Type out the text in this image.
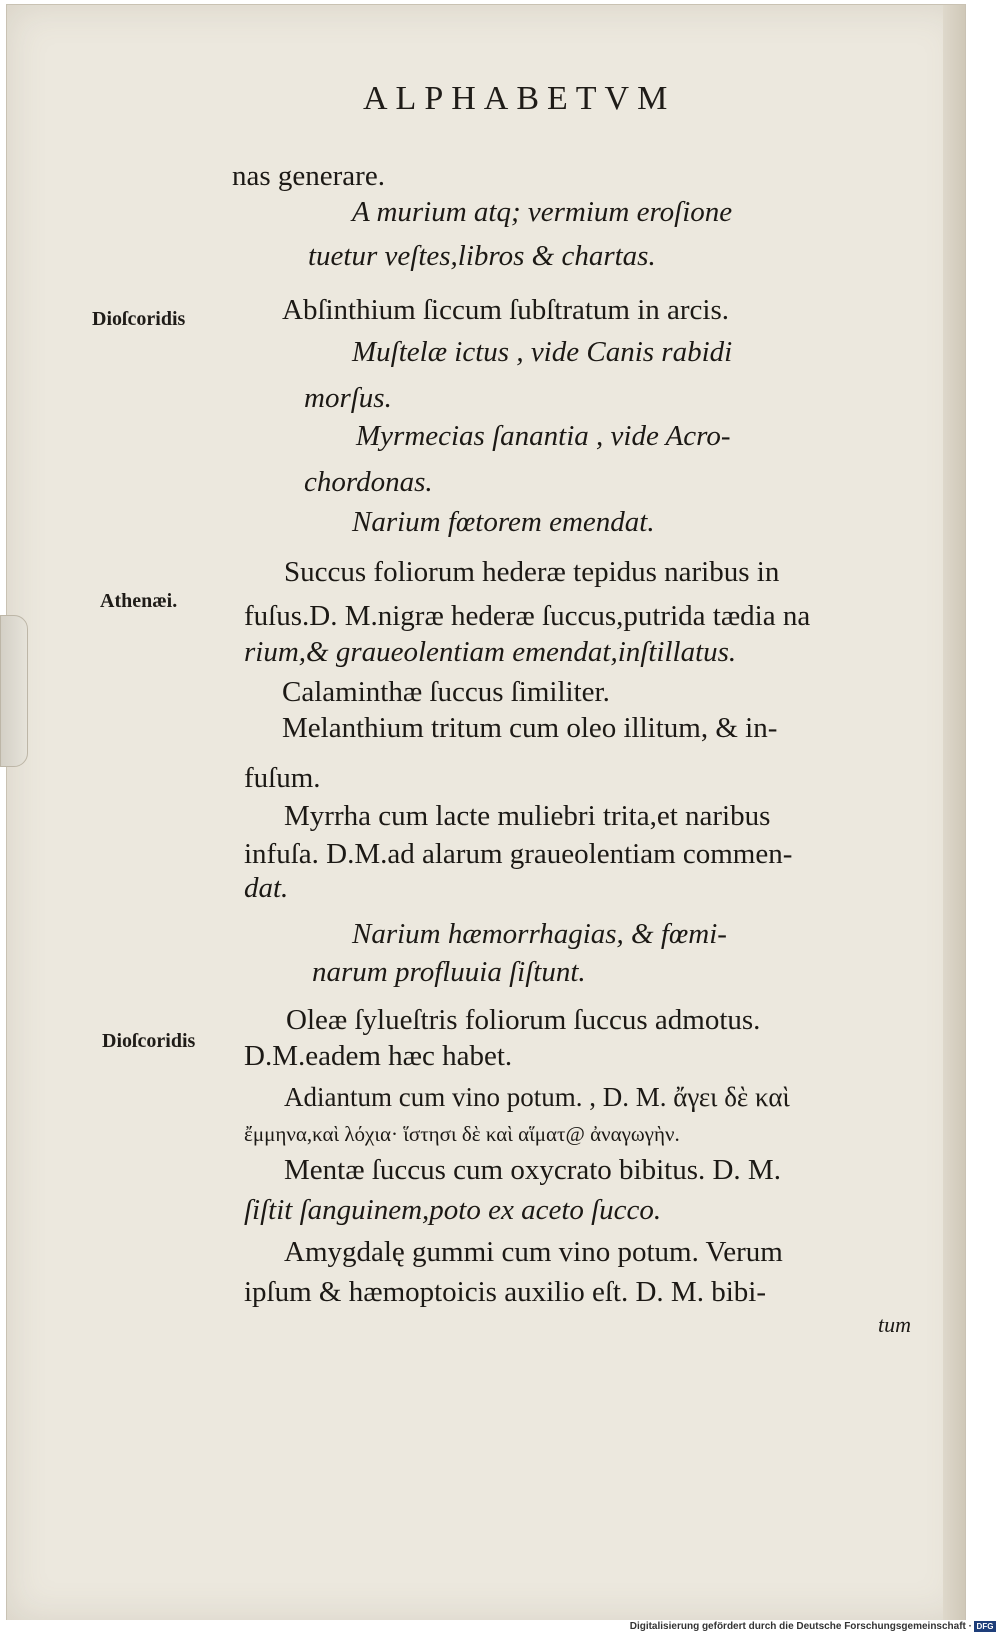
ALPHABETVM
Dioſcoridis
Athenæi.
Dioſcoridis
nas generare.
A murium atq; vermium eroſione
tuetur veſtes,libros & chartas.
Abſinthium ſiccum ſubſtratum in arcis.
Muſtelæ ictus , vide Canis rabidi
morſus.
Myrmecias ſanantia , vide Acro-
chordonas.
Narium fœtorem emendat.
Succus foliorum hederæ tepidus naribus in
fuſus.D. M.nigræ hederæ ſuccus,putrida tædia na
rium,& graueolentiam emendat,inſtillatus.
Calaminthæ ſuccus ſimiliter.
Melanthium tritum cum oleo illitum, & in-
fuſum.
Myrrha cum lacte muliebri trita,et naribus
infuſa. D.M.ad alarum graueolentiam commen-
dat.
Narium hæmorrhagias, & fœmi-
narum profluuia ſiſtunt.
Oleæ ſylueſtris foliorum ſuccus admotus.
D.M.eadem hæc habet.
Adiantum cum vino potum. , D. M. ἄγει δὲ καὶ
ἔμμηνα,καὶ λόχια· ἵστησι δὲ καὶ αἵματ@ ἀναγωγὴν.
Mentæ ſuccus cum oxycrato bibitus. D. M.
ſiſtit ſanguinem,poto ex aceto ſucco.
Amygdalę gummi cum vino potum. Verum
ipſum & hæmoptoicis auxilio eſt. D. M. bibi-
tum
Digitalisierung gefördert durch die Deutsche Forschungsgemeinschaft · DFG
